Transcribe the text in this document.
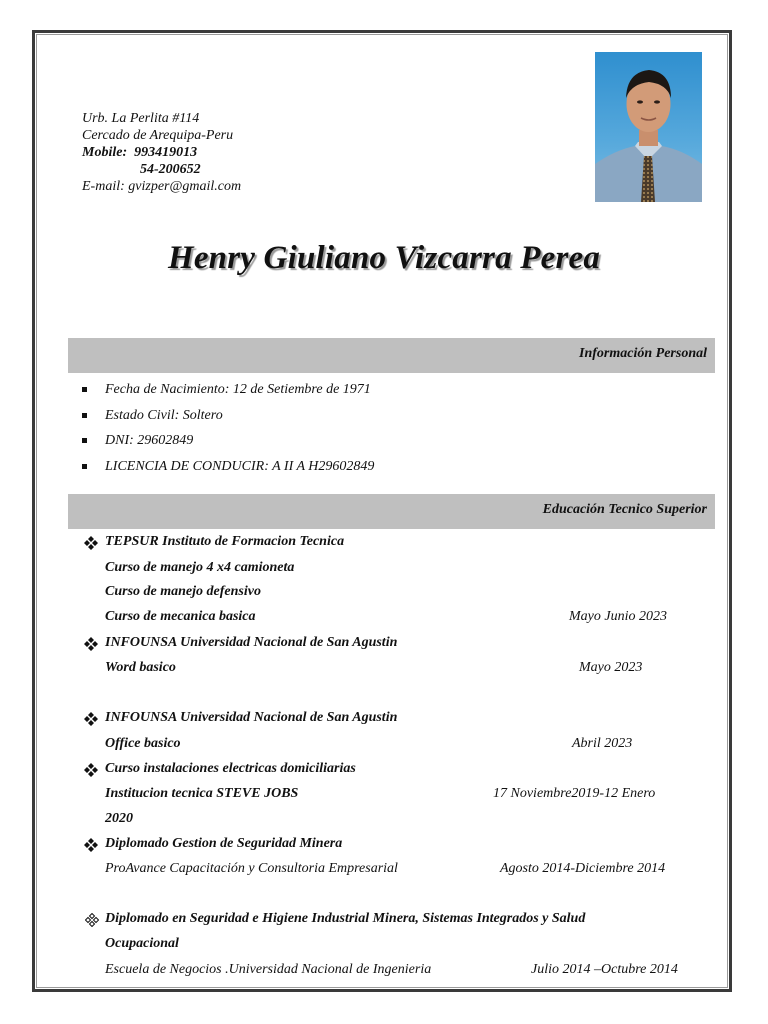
Urb. La Perlita #114
Cercado de Arequipa-Peru
Mobile: 993419013
54-200652
E-mail: gvizper@gmail.com
Henry Giuliano Vizcarra Perea
Información Personal
Fecha de Nacimiento: 12 de Setiembre de 1971
Estado Civil: Soltero
DNI: 29602849
LICENCIA DE CONDUCIR: A II A H29602849
Educación Tecnico Superior
TEPSUR Instituto de Formacion Tecnica
Curso de manejo 4 x4 camioneta
Curso de manejo defensivo
Curso de mecanica basica	Mayo Junio 2023
INFOUNSA Universidad Nacional de San Agustin
Word basico	Mayo 2023
INFOUNSA Universidad Nacional de San Agustin
Office basico	Abril 2023
Curso instalaciones electricas domiciliarias
Institucion tecnica STEVE JOBS	17 Noviembre2019-12 Enero
2020
Diplomado Gestion de Seguridad Minera
ProAvance Capacitación y Consultoria Empresarial	Agosto 2014-Diciembre 2014
Diplomado en Seguridad e Higiene Industrial Minera, Sistemas Integrados y Salud
Ocupacional
Escuela de Negocios .Universidad Nacional de Ingenieria	Julio 2014 –Octubre 2014
